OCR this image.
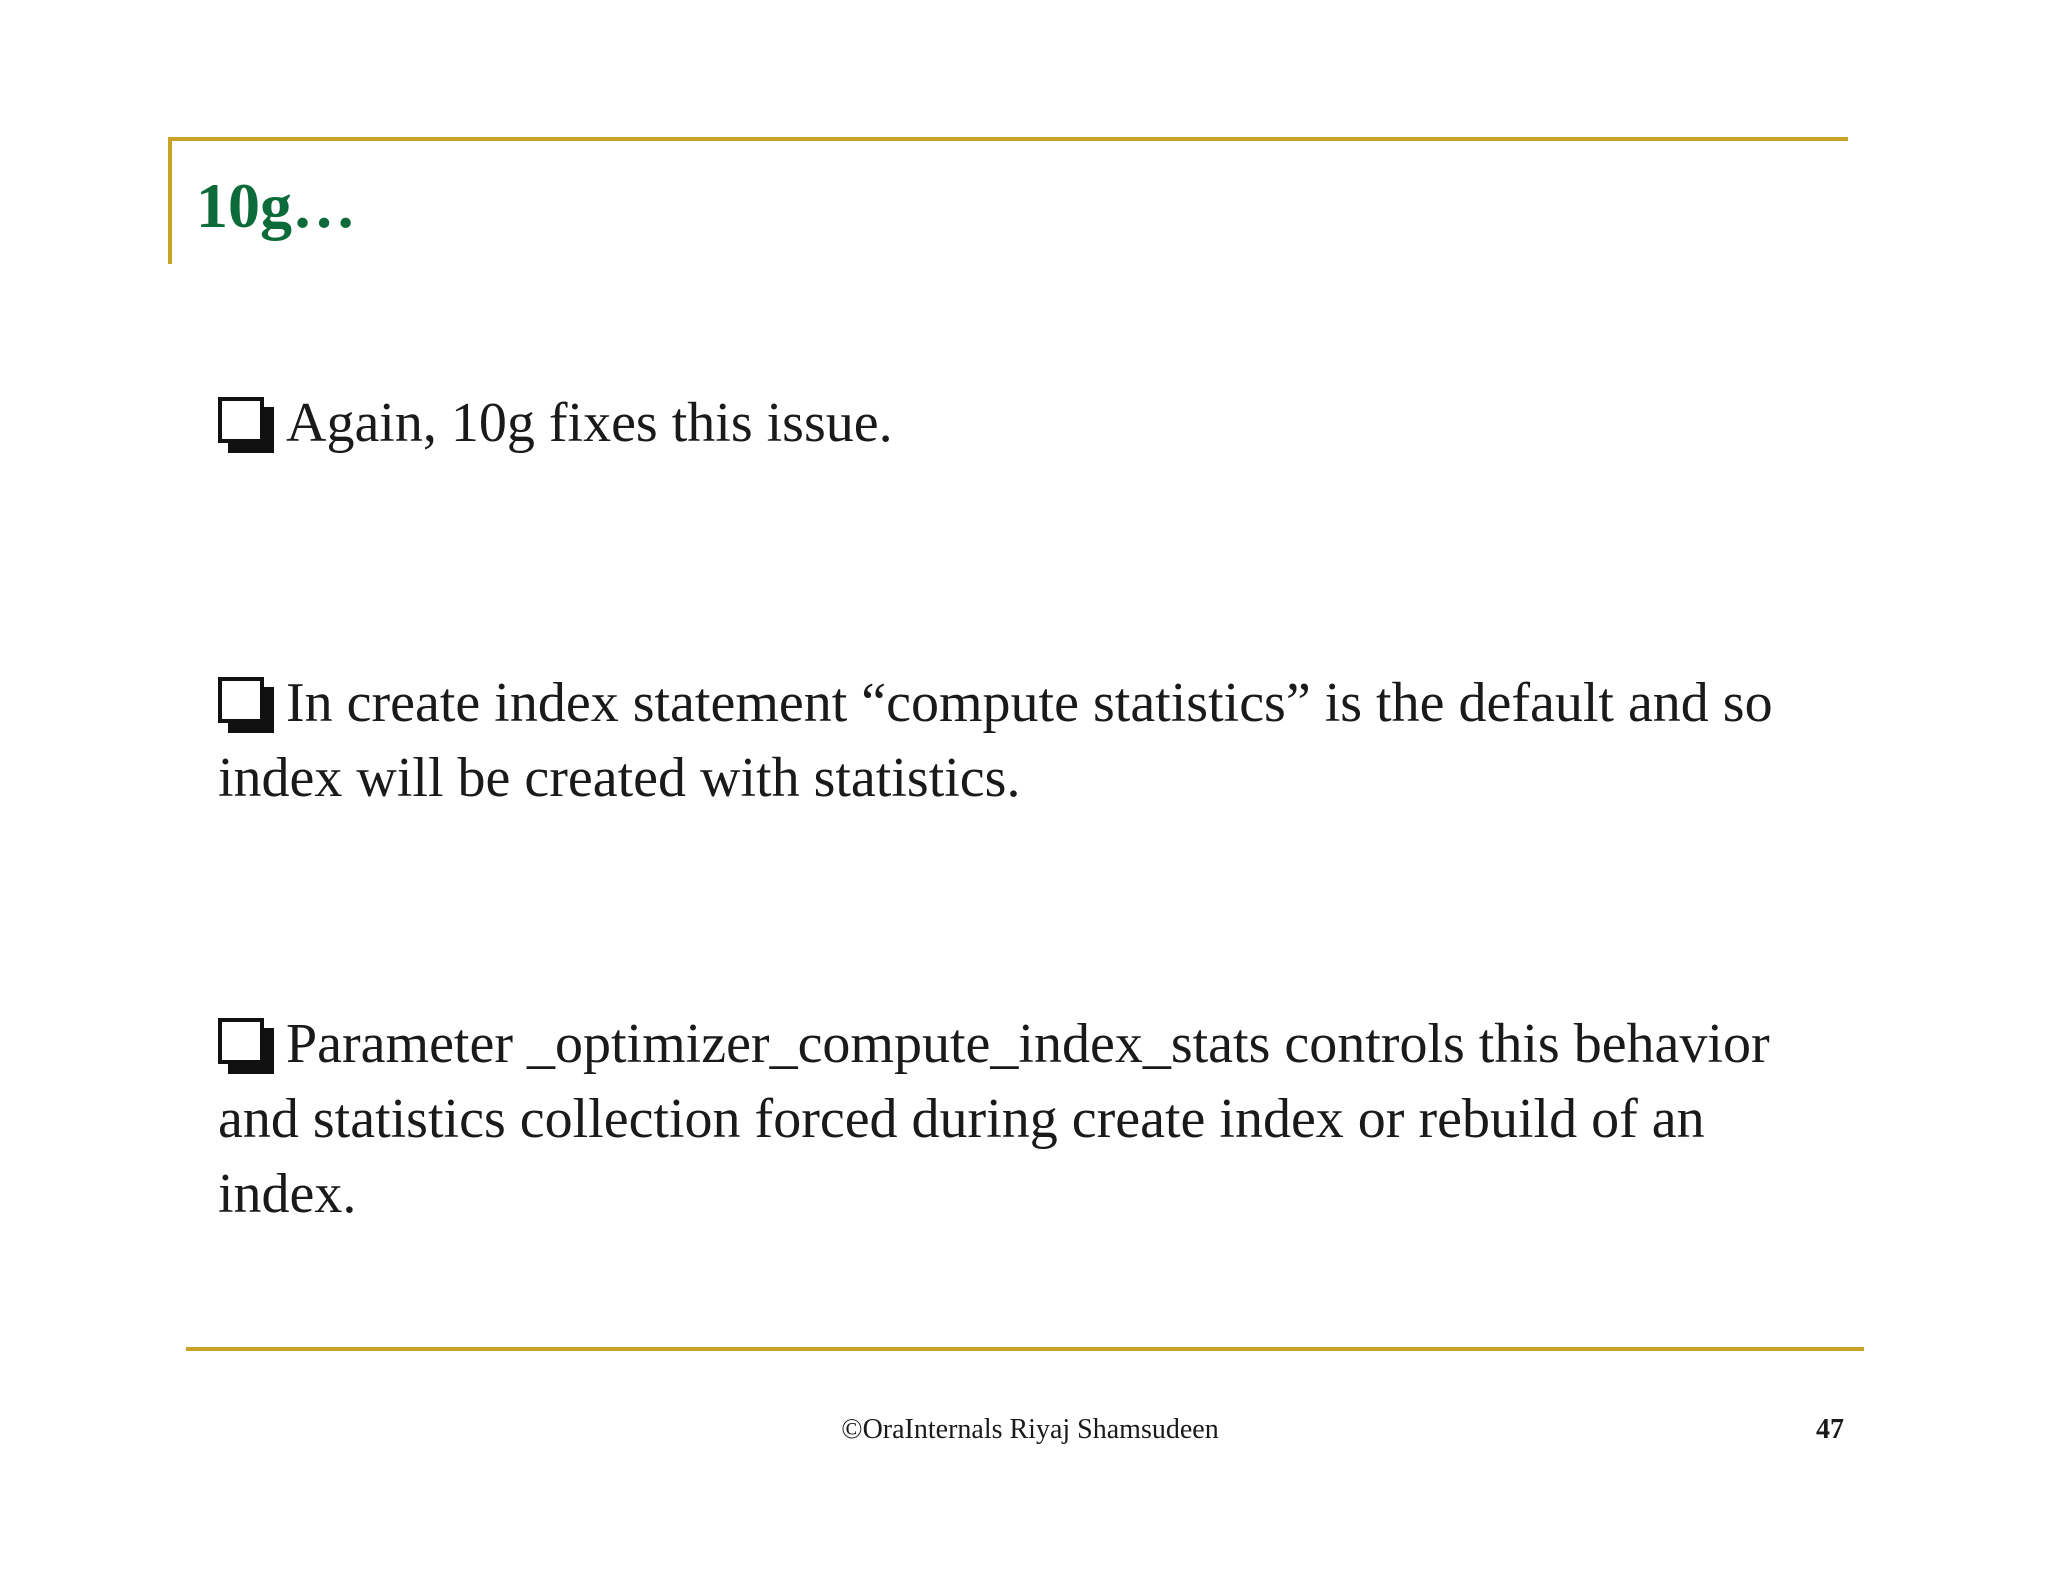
10g…
Again, 10g fixes this issue.
In create index statement “compute statistics” is the default and so index will be created with statistics.
Parameter _optimizer_compute_index_stats controls this behavior and statistics collection forced during create index or rebuild of an index.
©OraInternals Riyaj Shamsudeen	47
